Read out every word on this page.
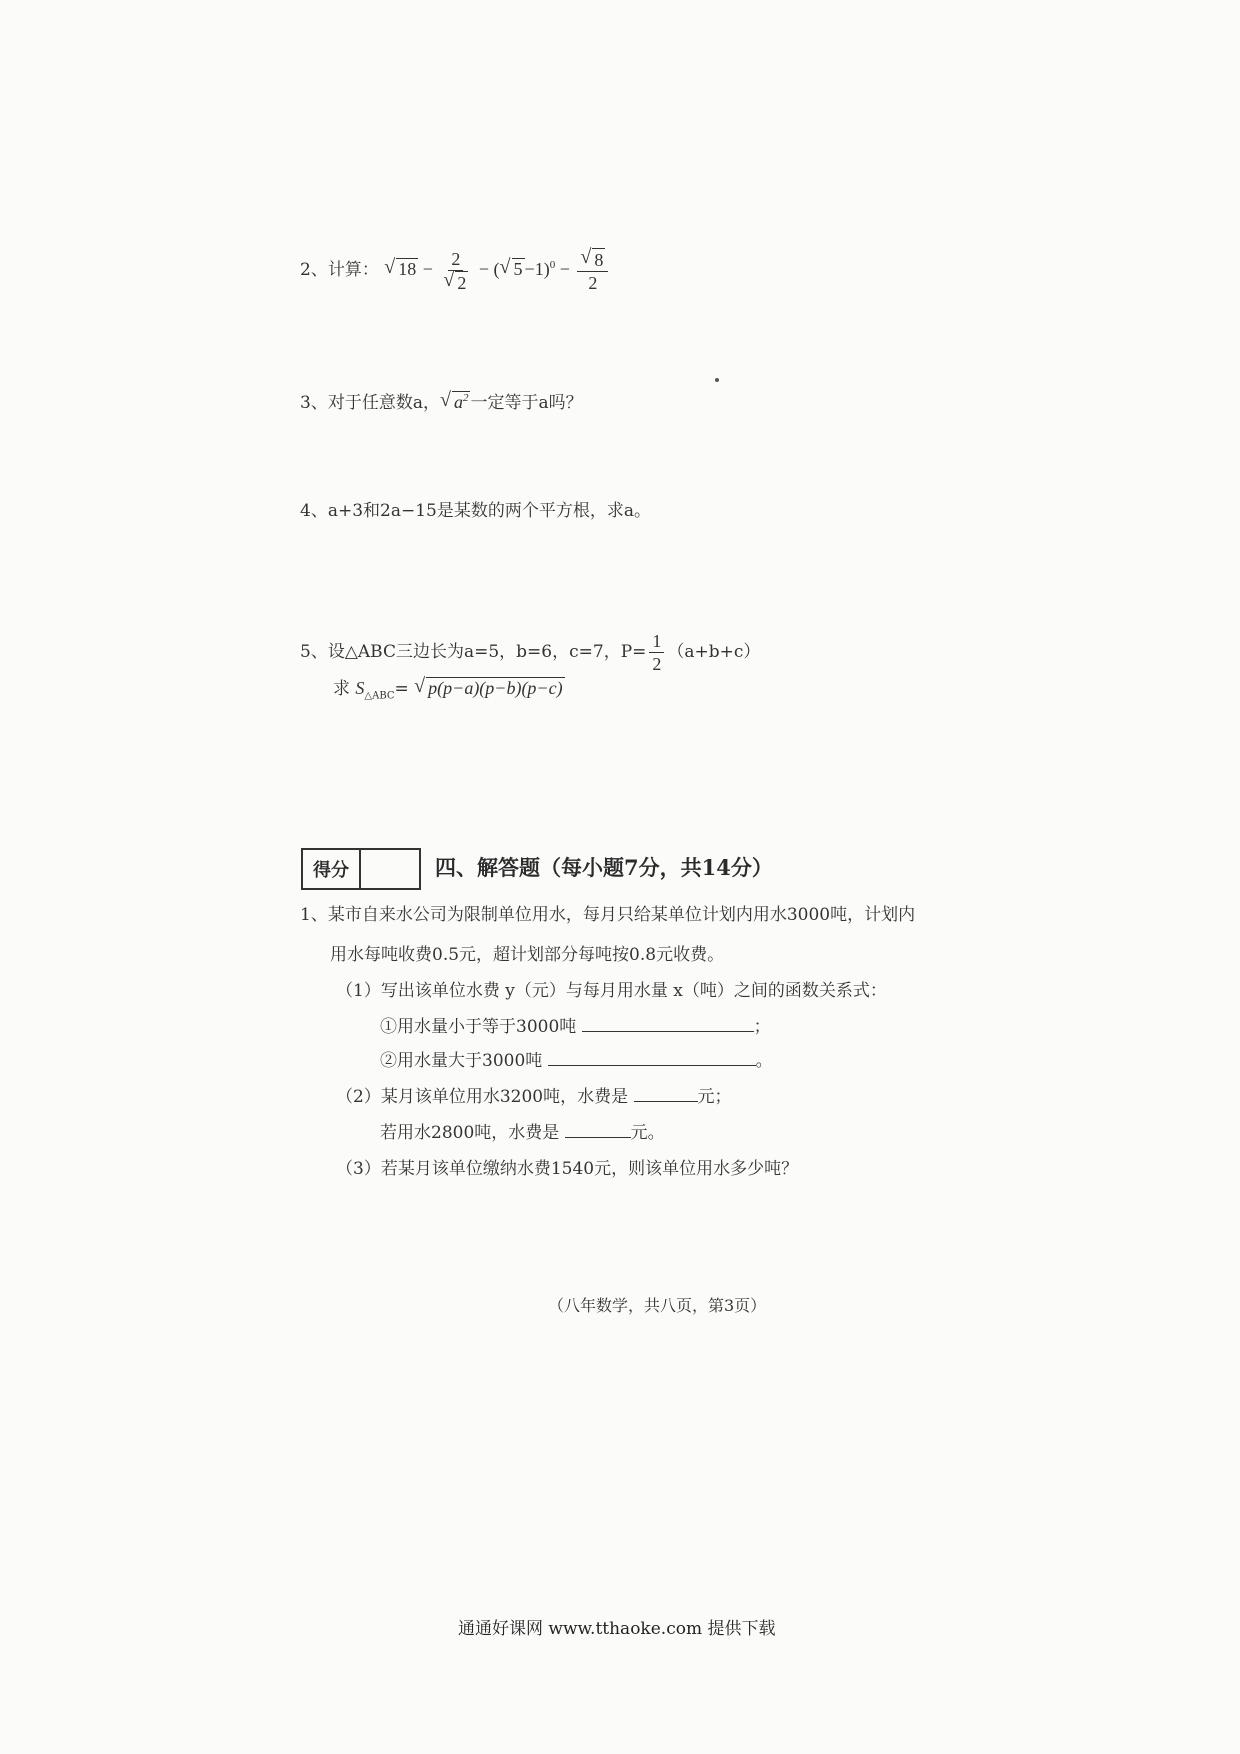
2、计算： √ $18 - \frac{2}{√ 2}$ − ( √ $5 -1)^0 - \frac{√ 8}{2}$
3、对于任意数a， √ $a^2$ 一定等于a吗？
4、a+3和2a−15是某数的两个平方根，求a。
5、设△ABC三边长为a=5，b=6，c=7，$P= \frac{1}{2} (a+b+c)$
求 $S_{\triangle ABC}=$ √ p(p−a)(p−b)(p−c)
得分	四、解答题（每小题7分，共14分）
1、某市自来水公司为限制单位用水，每月只给某单位计划内用水3000吨，计划内
用水每吨收费0.5元，超计划部分每吨按0.8元收费。
（1）写出该单位水费 y（元）与每月用水量 x（吨）之间的函数关系式：
①用水量小于等于3000吨	；
②用水量大于3000吨	。
（2）某月该单位用水3200吨，水费是	元；
若用水2800吨，水费是	元。
（3）若某月该单位缴纳水费1540元，则该单位用水多少吨？
（八年数学，共八页，第3页）
通通好课网 www.tthaoke.com 提供下载
